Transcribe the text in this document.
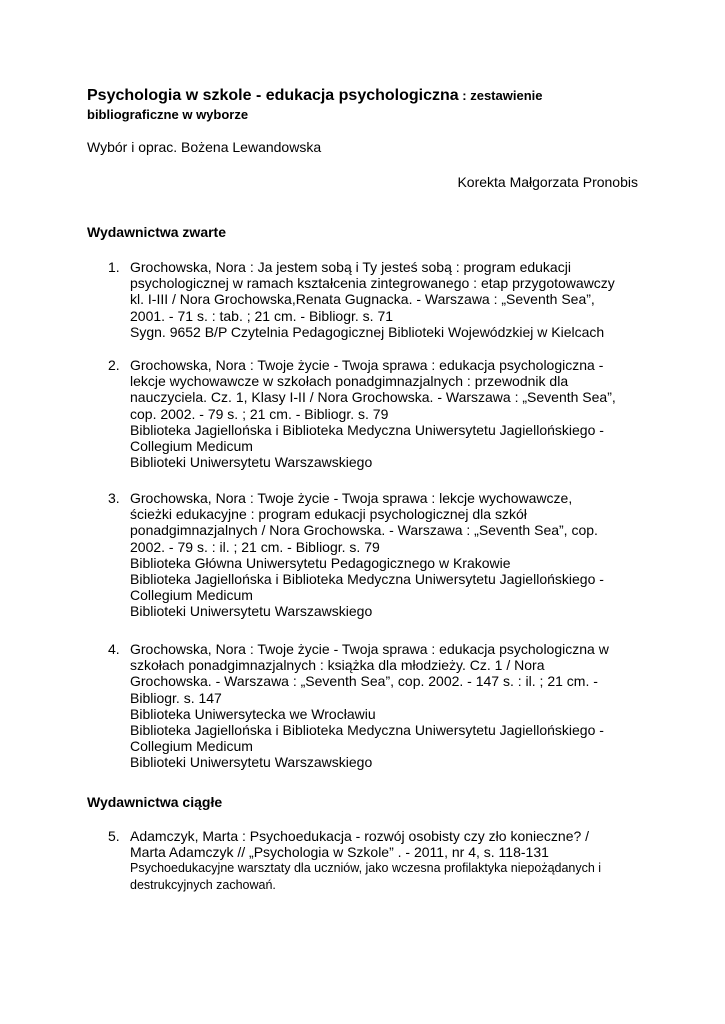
Psychologia w szkole - edukacja psychologiczna : zestawienie
bibliograficzne w wyborze
Wybór i oprac. Bożena Lewandowska
Korekta Małgorzata Pronobis
Wydawnictwa zwarte
1. Grochowska, Nora : Ja jestem sobą i Ty jesteś sobą : program edukacji
psychologicznej w ramach kształcenia zintegrowanego : etap przygotowawczy
kl. I-III / Nora Grochowska,Renata Gugnacka. - Warszawa : „Seventh Sea”,
2001. - 71 s. : tab. ; 21 cm. - Bibliogr. s. 71
Sygn. 9652 B/P Czytelnia Pedagogicznej Biblioteki Wojewódzkiej w Kielcach
2. Grochowska, Nora : Twoje życie - Twoja sprawa : edukacja psychologiczna -
lekcje wychowawcze w szkołach ponadgimnazjalnych : przewodnik dla
nauczyciela. Cz. 1, Klasy I-II / Nora Grochowska. - Warszawa : „Seventh Sea”,
cop. 2002. - 79 s. ; 21 cm. - Bibliogr. s. 79
Biblioteka Jagiellońska i Biblioteka Medyczna Uniwersytetu Jagiellońskiego -
Collegium Medicum
Biblioteki Uniwersytetu Warszawskiego
3. Grochowska, Nora : Twoje życie - Twoja sprawa : lekcje wychowawcze,
ścieżki edukacyjne : program edukacji psychologicznej dla szkół
ponadgimnazjalnych / Nora Grochowska. - Warszawa : „Seventh Sea”, cop.
2002. - 79 s. : il. ; 21 cm. - Bibliogr. s. 79
Biblioteka Główna Uniwersytetu Pedagogicznego w Krakowie
Biblioteka Jagiellońska i Biblioteka Medyczna Uniwersytetu Jagiellońskiego -
Collegium Medicum
Biblioteki Uniwersytetu Warszawskiego
4. Grochowska, Nora : Twoje życie - Twoja sprawa : edukacja psychologiczna w
szkołach ponadgimnazjalnych : książka dla młodzieży. Cz. 1 / Nora
Grochowska. - Warszawa : „Seventh Sea”, cop. 2002. - 147 s. : il. ; 21 cm. -
Bibliogr. s. 147
Biblioteka Uniwersytecka we Wrocławiu
Biblioteka Jagiellońska i Biblioteka Medyczna Uniwersytetu Jagiellońskiego -
Collegium Medicum
Biblioteki Uniwersytetu Warszawskiego
Wydawnictwa ciągłe
5. Adamczyk, Marta : Psychoedukacja - rozwój osobisty czy zło konieczne? /
Marta Adamczyk // „Psychologia w Szkole” . - 2011, nr 4, s. 118-131
Psychoedukacyjne warsztaty dla uczniów, jako wczesna profilaktyka niepożądanych i
destrukcyjnych zachowań.
